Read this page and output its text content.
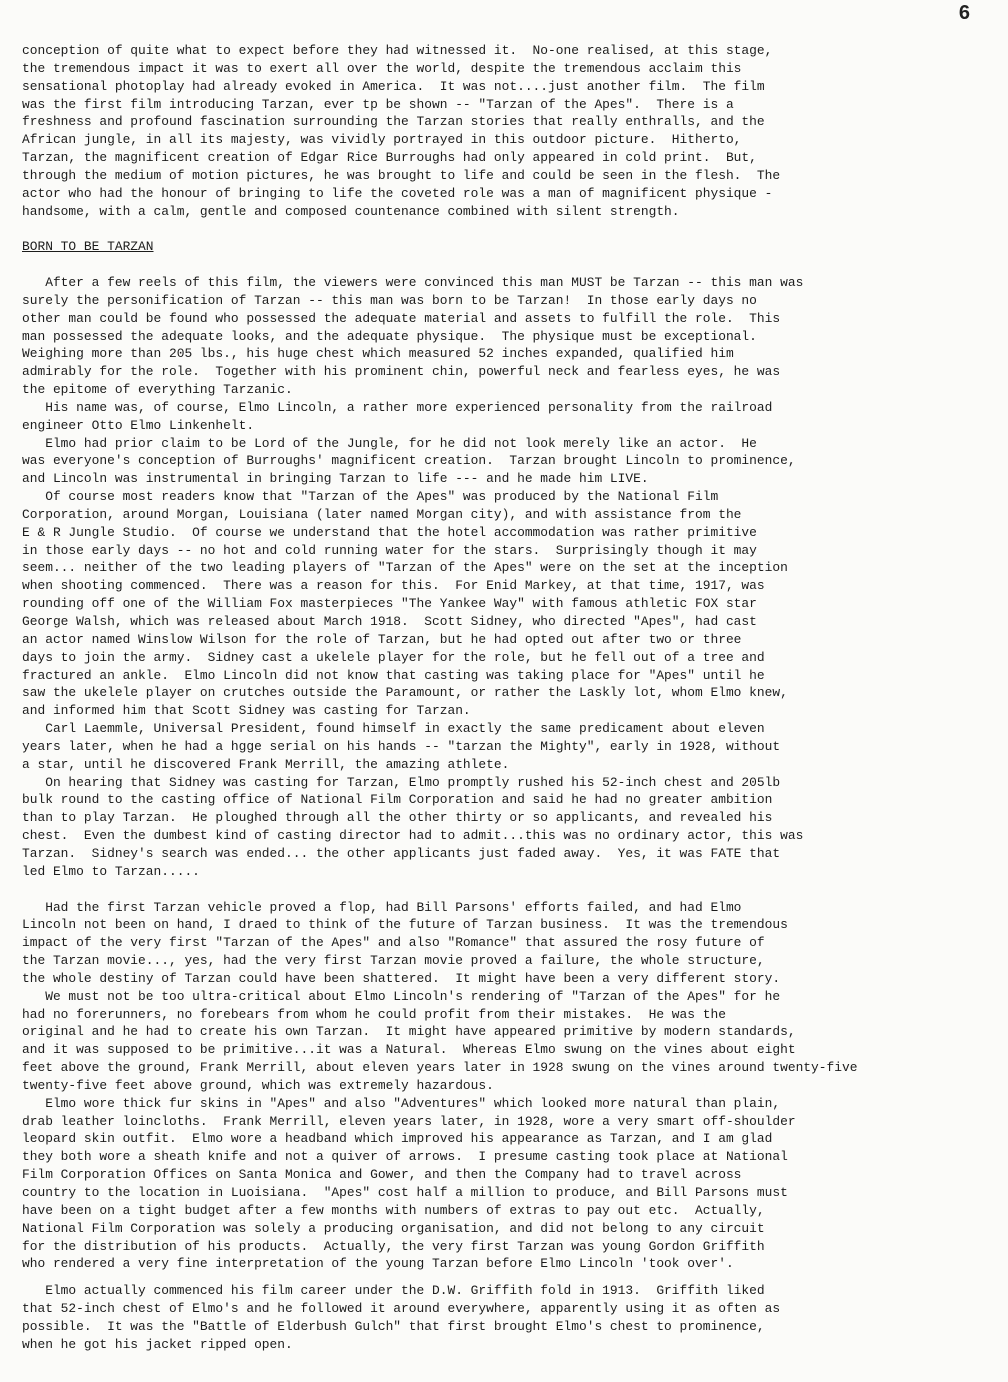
6
conception of quite what to expect before they had witnessed it.  No-one realised, at this stage,
the tremendous impact it was to exert all over the world, despite the tremendous acclaim this
sensational photoplay had already evoked in America.  It was not....just another film.  The film
was the first film introducing Tarzan, ever tp be shown -- "Tarzan of the Apes".  There is a
freshness and profound fascination surrounding the Tarzan stories that really enthralls, and the
African jungle, in all its majesty, was vividly portrayed in this outdoor picture.  Hitherto,
Tarzan, the magnificent creation of Edgar Rice Burroughs had only appeared in cold print.  But,
through the medium of motion pictures, he was brought to life and could be seen in the flesh.  The
actor who had the honour of bringing to life the coveted role was a man of magnificent physique -
handsome, with a calm, gentle and composed countenance combined with silent strength.
BORN TO BE TARZAN
After a few reels of this film, the viewers were convinced this man MUST be Tarzan -- this man was
surely the personification of Tarzan -- this man was born to be Tarzan!  In those early days no
other man could be found who possessed the adequate material and assets to fulfill the role.  This
man possessed the adequate looks, and the adequate physique.  The physique must be exceptional.
Weighing more than 205 lbs., his huge chest which measured 52 inches expanded, qualified him
admirably for the role.  Together with his prominent chin, powerful neck and fearless eyes, he was
the epitome of everything Tarzanic.
His name was, of course, Elmo Lincoln, a rather more experienced personality from the railroad
engineer Otto Elmo Linkenhelt.
Elmo had prior claim to be Lord of the Jungle, for he did not look merely like an actor.  He
was everyone's conception of Burroughs' magnificent creation.  Tarzan brought Lincoln to prominence,
and Lincoln was instrumental in bringing Tarzan to life --- and he made him LIVE.
Of course most readers know that "Tarzan of the Apes" was produced by the National Film
Corporation, around Morgan, Louisiana (later named Morgan city), and with assistance from the
E & R Jungle Studio.  Of course we understand that the hotel accommodation was rather primitive
in those early days -- no hot and cold running water for the stars.  Surprisingly though it may
seem... neither of the two leading players of "Tarzan of the Apes" were on the set at the inception
when shooting commenced.  There was a reason for this.  For Enid Markey, at that time, 1917, was
rounding off one of the William Fox masterpieces "The Yankee Way" with famous athletic FOX star
George Walsh, which was released about March 1918.  Scott Sidney, who directed "Apes", had cast
an actor named Winslow Wilson for the role of Tarzan, but he had opted out after two or three
days to join the army.  Sidney cast a ukelele player for the role, but he fell out of a tree and
fractured an ankle.  Elmo Lincoln did not know that casting was taking place for "Apes" until he
saw the ukelele player on crutches outside the Paramount, or rather the Laskly lot, whom Elmo knew,
and informed him that Scott Sidney was casting for Tarzan.
Carl Laemmle, Universal President, found himself in exactly the same predicament about eleven
years later, when he had a hgge serial on his hands -- "tarzan the Mighty", early in 1928, without
a star, until he discovered Frank Merrill, the amazing athlete.
On hearing that Sidney was casting for Tarzan, Elmo promptly rushed his 52-inch chest and 205lb
bulk round to the casting office of National Film Corporation and said he had no greater ambition
than to play Tarzan.  He ploughed through all the other thirty or so applicants, and revealed his
chest.  Even the dumbest kind of casting director had to admit...this was no ordinary actor, this was
Tarzan.  Sidney's search was ended... the other applicants just faded away.  Yes, it was FATE that
led Elmo to Tarzan.....
Had the first Tarzan vehicle proved a flop, had Bill Parsons' efforts failed, and had Elmo
Lincoln not been on hand, I draed to think of the future of Tarzan business.  It was the tremendous
impact of the very first "Tarzan of the Apes" and also "Romance" that assured the rosy future of
the Tarzan movie..., yes, had the very first Tarzan movie proved a failure, the whole structure,
the whole destiny of Tarzan could have been shattered.  It might have been a very different story.
We must not be too ultra-critical about Elmo Lincoln's rendering of "Tarzan of the Apes" for he
had no forerunners, no forebears from whom he could profit from their mistakes.  He was the
original and he had to create his own Tarzan.  It might have appeared primitive by modern standards,
and it was supposed to be primitive...it was a Natural.  Whereas Elmo swung on the vines about eight
feet above the ground, Frank Merrill, about eleven years later in 1928 swung on the vines around twenty-five
twenty-five feet above ground, which was extremely hazardous.
Elmo wore thick fur skins in "Apes" and also "Adventures" which looked more natural than plain,
drab leather loincloths.  Frank Merrill, eleven years later, in 1928, wore a very smart off-shoulder
leopard skin outfit.  Elmo wore a headband which improved his appearance as Tarzan, and I am glad
they both wore a sheath knife and not a quiver of arrows.  I presume casting took place at National
Film Corporation Offices on Santa Monica and Gower, and then the Company had to travel across
country to the location in Luoisiana.  "Apes" cost half a million to produce, and Bill Parsons must
have been on a tight budget after a few months with numbers of extras to pay out etc.  Actually,
National Film Corporation was solely a producing organisation, and did not belong to any circuit
for the distribution of his products.  Actually, the very first Tarzan was young Gordon Griffith
who rendered a very fine interpretation of the young Tarzan before Elmo Lincoln 'took over'.
Elmo actually commenced his film career under the D.W. Griffith fold in 1913.  Griffith liked
that 52-inch chest of Elmo's and he followed it around everywhere, apparently using it as often as
possible.  It was the "Battle of Elderbush Gulch" that first brought Elmo's chest to prominence,
when he got his jacket ripped open.
